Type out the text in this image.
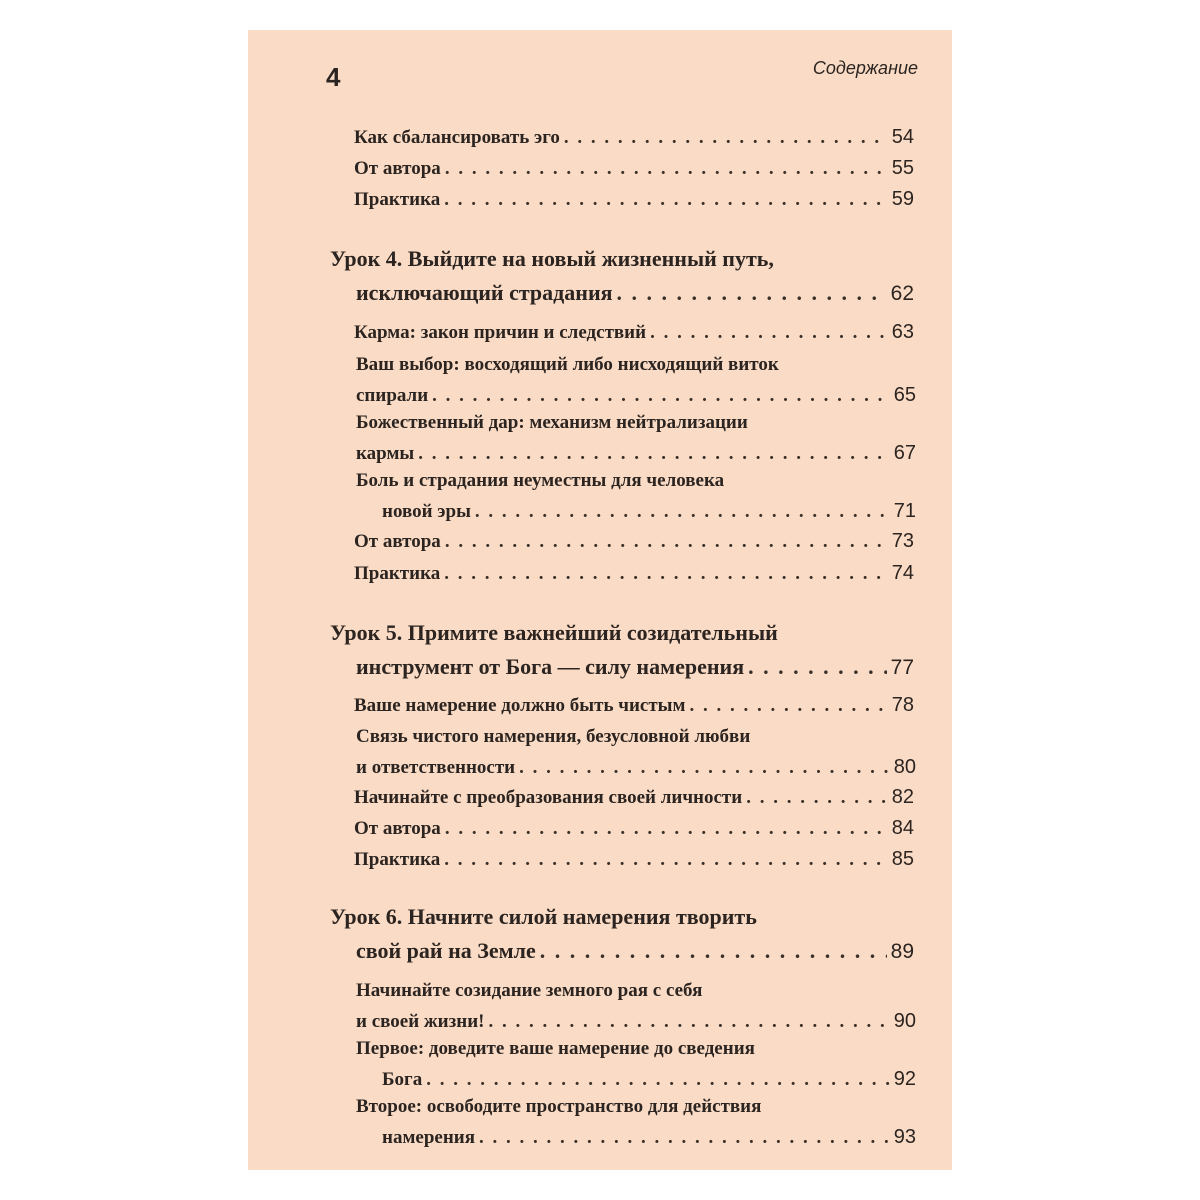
4	Содержание
Как сбалансировать эго . . .	54
От автора . . .	55
Практика . . .	59
Урок 4. Выйдите на новый жизненный путь,
исключающий страдания . . .	62
Карма: закон причин и следствий . . .	63
Ваш выбор: восходящий либо нисходящий виток
спирали . . .	65
Божественный дар: механизм нейтрализации
кармы . . .	67
Боль и страдания неуместны для человека
новой эры . . .	71
От автора . . .	73
Практика . . .	74
Урок 5. Примите важнейший созидательный
инструмент от Бога — силу намерения . . .	77
Ваше намерение должно быть чистым . . .	78
Связь чистого намерения, безусловной любви
и ответственности . . .	80
Начинайте с преобразования своей личности . . .	82
От автора . . .	84
Практика . . .	85
Урок 6. Начните силой намерения творить
свой рай на Земле . . .	89
Начинайте созидание земного рая с себя
и своей жизни! . . .	90
Первое: доведите ваше намерение до сведения
Бога . . .	92
Второе: освободите пространство для действия
намерения . . .	93
